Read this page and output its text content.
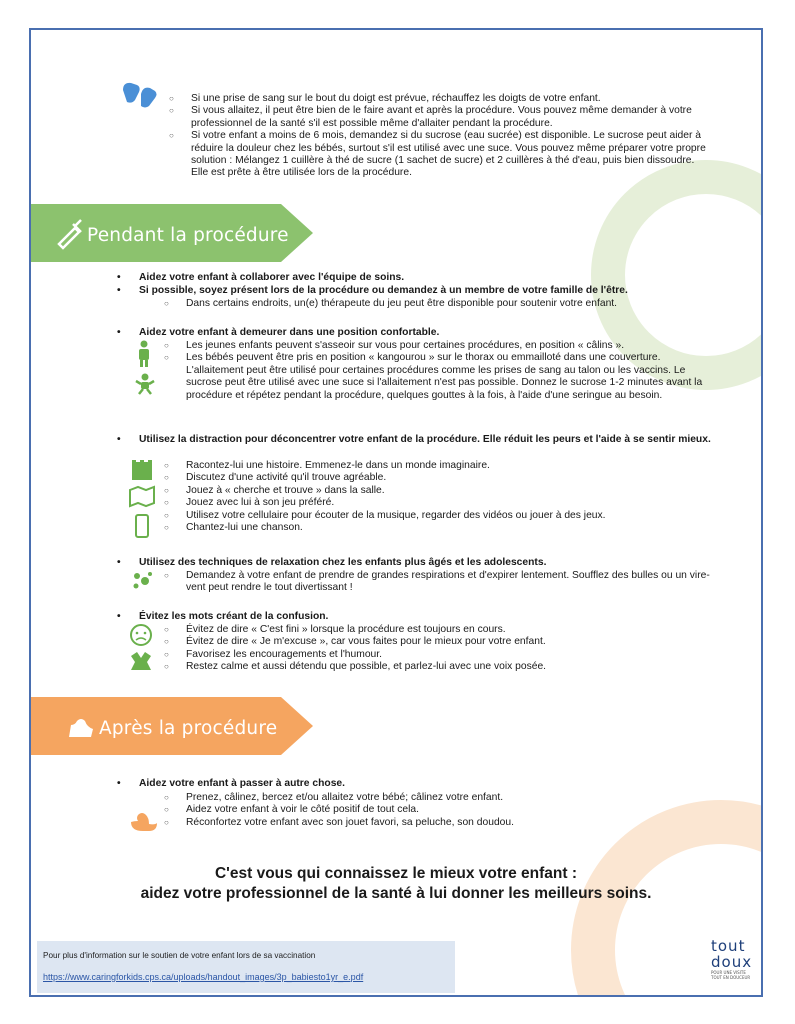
○ Si une prise de sang sur le bout du doigt est prévue, réchauffez les doigts de votre enfant.
○ Si vous allaitez, il peut être bien de le faire avant et après la procédure. Vous pouvez même demander à votre professionnel de la santé s'il est possible même d'allaiter pendant la procédure.
○ Si votre enfant a moins de 6 mois, demandez si du sucrose (eau sucrée) est disponible. Le sucrose peut aider à réduire la douleur chez les bébés, surtout s'il est utilisé avec une suce. Vous pouvez même préparer votre propre solution : Mélangez 1 cuillère à thé de sucre (1 sachet de sucre) et 2 cuillères à thé d'eau, puis bien dissoudre. Elle est prête à être utilisée lors de la procédure.
Pendant la procédure
• Aidez votre enfant à collaborer avec l'équipe de soins.
• Si possible, soyez présent lors de la procédure ou demandez à un membre de votre famille de l'être.
○ Dans certains endroits, un(e) thérapeute du jeu peut être disponible pour soutenir votre enfant.
• Aidez votre enfant à demeurer dans une position confortable.
○ Les jeunes enfants peuvent s'asseoir sur vous pour certaines procédures, en position « câlins ».
○ Les bébés peuvent être pris en position « kangourou » sur le thorax ou emmailloté dans une couverture. L'allaitement peut être utilisé pour certaines procédures comme les prises de sang au talon ou les vaccins. Le sucrose peut être utilisé avec une suce si l'allaitement n'est pas possible. Donnez le sucrose 1-2 minutes avant la procédure et répétez pendant la procédure, quelques gouttes à la fois, à l'aide d'une seringue au besoin.
• Utilisez la distraction pour déconcentrer votre enfant de la procédure. Elle réduit les peurs et l'aide à se sentir mieux.
○ Racontez-lui une histoire. Emmenez-le dans un monde imaginaire.
○ Discutez d'une activité qu'il trouve agréable.
○ Jouez à « cherche et trouve » dans la salle.
○ Jouez avec lui à son jeu préféré.
○ Utilisez votre cellulaire pour écouter de la musique, regarder des vidéos ou jouer à des jeux.
○ Chantez-lui une chanson.
• Utilisez des techniques de relaxation chez les enfants plus âgés et les adolescents.
○ Demandez à votre enfant de prendre de grandes respirations et d'expirer lentement. Soufflez des bulles ou un vire-vent peut rendre le tout divertissant !
• Évitez les mots créant de la confusion.
○ Évitez de dire « C'est fini » lorsque la procédure est toujours en cours.
○ Évitez de dire « Je m'excuse », car vous faites pour le mieux pour votre enfant.
○ Favorisez les encouragements et l'humour.
○ Restez calme et aussi détendu que possible, et parlez-lui avec une voix posée.
Après la procédure
• Aidez votre enfant à passer à autre chose.
○ Prenez, câlinez, bercez et/ou allaitez votre bébé; câlinez votre enfant.
○ Aidez votre enfant à voir le côté positif de tout cela.
○ Réconfortez votre enfant avec son jouet favori, sa peluche, son doudou.
C'est vous qui connaissez le mieux votre enfant :
aidez votre professionnel de la santé à lui donner les meilleurs soins.
Pour plus d'information sur le soutien de votre enfant lors de sa vaccination
https://www.caringforkids.cps.ca/uploads/handout_images/3p_babiesto1yr_e.pdf
tout
doux
POUR UNE VISITE TOUT EN DOUCEUR
